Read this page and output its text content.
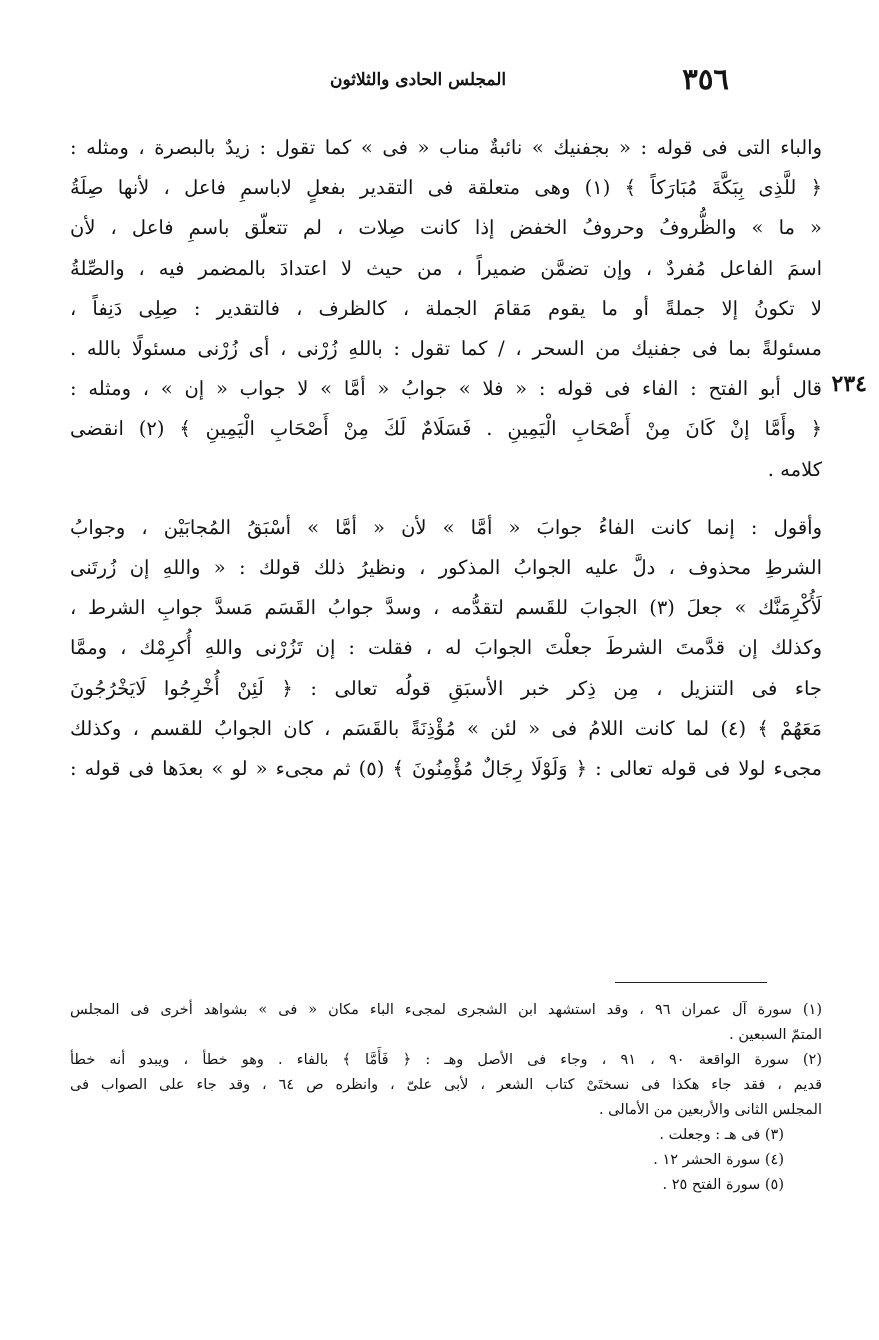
٣٥٦
المجلس الحادى والثلاثون
٢٣٤

والباء التى فى قوله : « بجفنيك » نائبةٌ مناب « فى » كما تقول : زيدٌ بالبصرة ، ومثله :
﴿ للَّذِى بِبَكَّةَ مُبَارَكاً ﴾ (١) وهى متعلقة فى التقدير بفعلٍ لاباسمِ فاعل ، لأنها صِلَةُ
« ما » والظُّروفُ وحروفُ الخفض إذا كانت صِلات ، لم تتعلّق باسمِ فاعل ، لأن
اسمَ الفاعل مُفردٌ ، وإن تضمَّن ضميراً ، من حيث لا اعتدادَ بالمضمر فيه ، والصِّلةُ
لا تكونُ إلا جملةً أو ما يقوم مَقامَ الجملة ، كالظرف ، فالتقدير : صِلِى دَنِفاً ،
مسئولةً بما فى جفنيك من السحر ، / كما تقول : باللهِ زُرْنى ، أى زُرْنى مسئولًا بالله .

قال أبو الفتح : الفاء فى قوله : « فلا » جوابُ « أمَّا » لا جواب « إن » ، ومثله :
﴿ وأَمَّا إنْ كَانَ مِنْ أَصْحَابِ الْيَمِينِ . فَسَلَامٌ لَكَ مِنْ أَصْحَابِ الْيَمِينِ ﴾ (٢) انقضى
كلامه .

وأقول : إنما كانت الفاءُ جوابَ « أمَّا » لأن « أمَّا » أسْبَقُ المُجابَيْن ، وجوابُ
الشرطِ محذوف ، دلَّ عليه الجوابُ المذكور ، ونظيرُ ذلك قولك : « واللهِ إن زُرتَنى
لَأُكْرِمَنَّك » جعلَ (٣) الجوابَ للقَسم لتقدُّمه ، وسدَّ جوابُ القَسَم مَسدَّ جوابِ الشرط ،
وكذلك إن قدَّمتَ الشرطَ جعلْتَ الجوابَ له ، فقلت : إن تَزُرْنى واللهِ أُكرِمْك ، وممَّا
جاء فى التنزيل ، مِن ذِكر خبر الأسبَقِ قولُه تعالى : ﴿ لَئِنْ أُخْرِجُوا لَايَخْرُجُونَ
مَعَهُمْ ﴾ (٤) لما كانت اللامُ فى « لئن » مُؤْذِنَةً بالقَسَم ، كان الجوابُ للقسم ، وكذلك
مجىء لولا فى قوله تعالى : ﴿ وَلَوْلَا رِجَالٌ مُؤْمِنُونَ ﴾ (٥) ثم مجىء « لو » بعدَها فى قوله :

(١) سورة آل عمران ٩٦ ، وقد استشهد ابن الشجرى لمجىء الباء مكان « فى » بشواهد أخرى فى المجلس
المتمّ السبعين .
(٢) سورة الواقعة ٩٠ ، ٩١ ، وجاء فى الأصل وهـ : ﴿ فَأَمَّا ﴾ بالفاء . وهو خطأ ، ويبدو أنه خطأ
قديم ، فقد جاء هكذا فى نسختَىْ كتاب الشعر ، لأبى علىّ ، وانظره ص ٦٤ ، وقد جاء على الصواب فى
المجلس الثانى والأربعين من الأمالى .
(٣) فى هـ : وجعلت .
(٤) سورة الحشر ١٢ .
(٥) سورة الفتح ٢٥ .
